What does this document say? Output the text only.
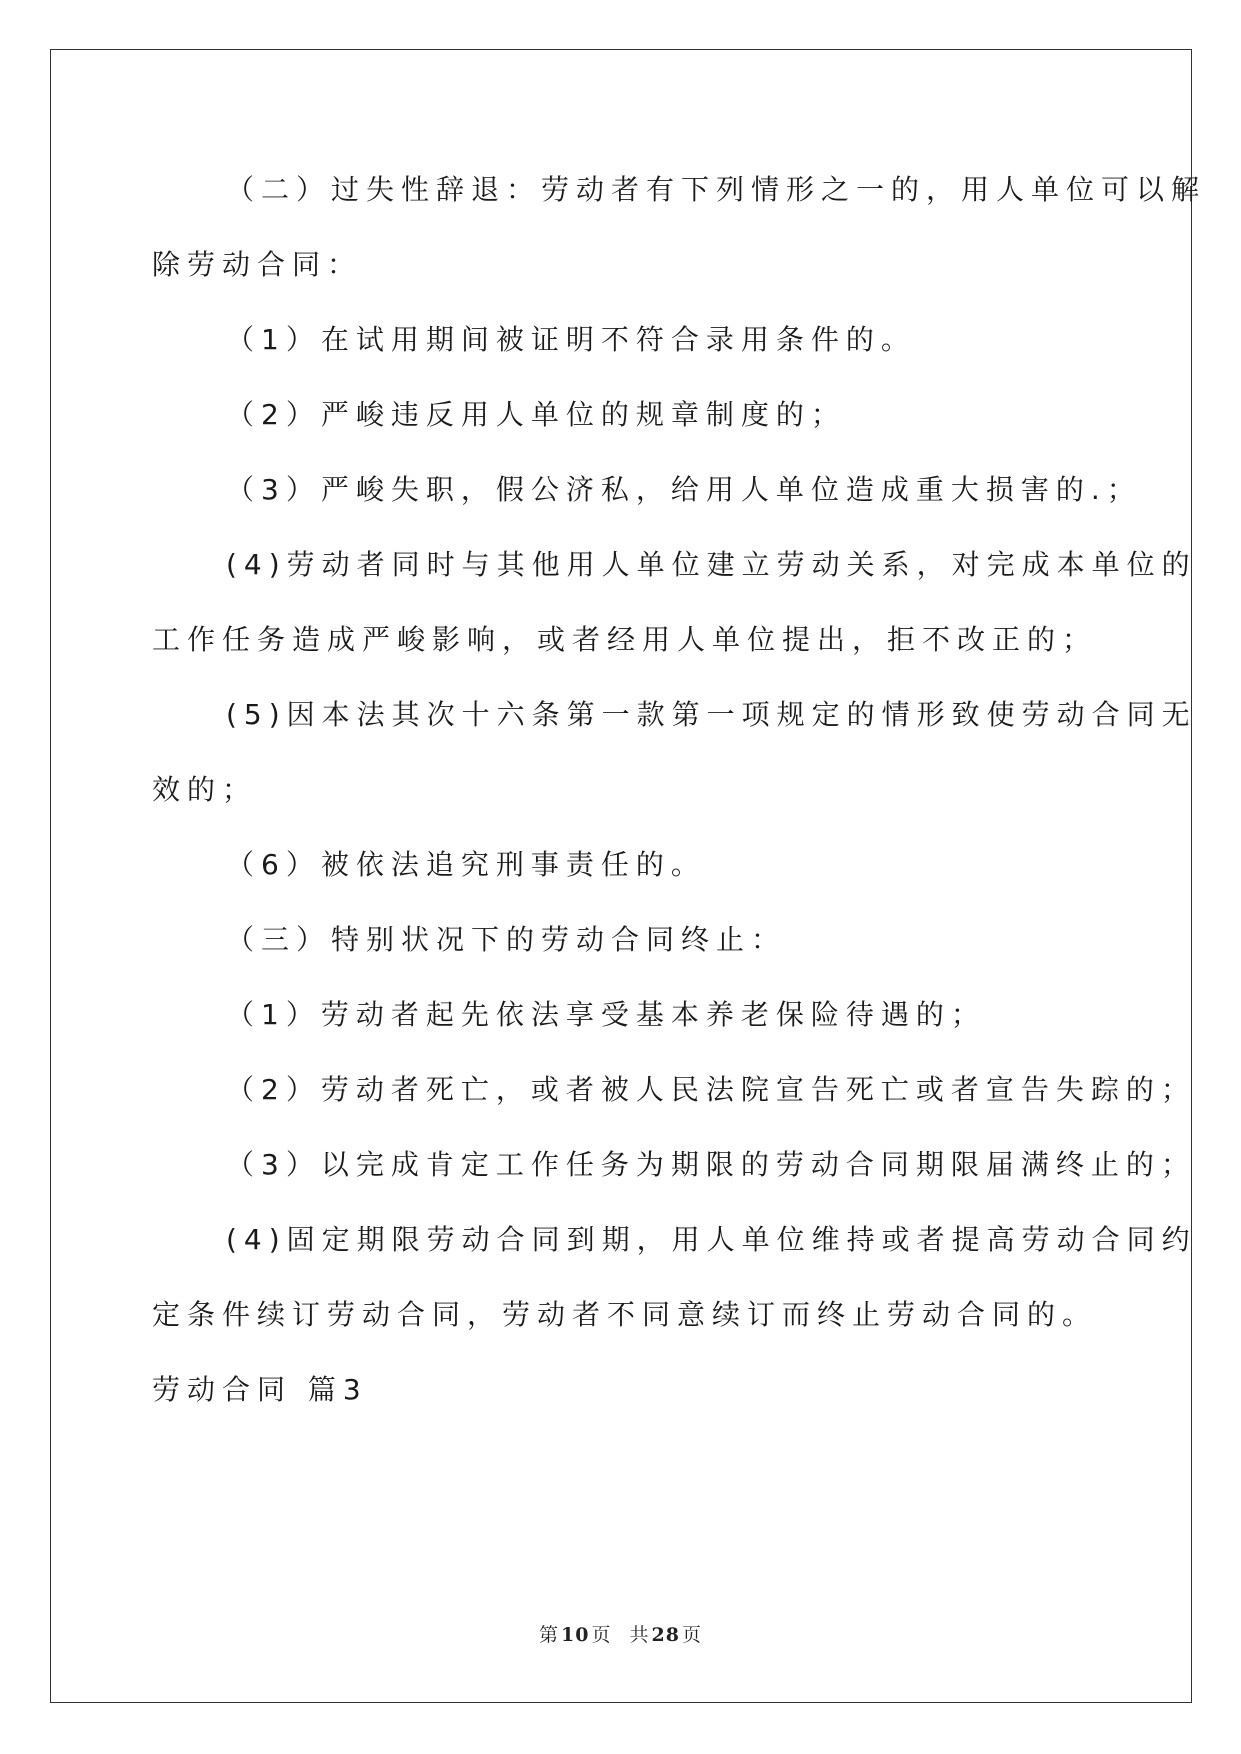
（二）过失性辞退：劳动者有下列情形之一的，用人单位可以解
除劳动合同：
（1）在试用期间被证明不符合录用条件的。
（2）严峻违反用人单位的规章制度的；
（3）严峻失职，假公济私，给用人单位造成重大损害的.；
(4)劳动者同时与其他用人单位建立劳动关系，对完成本单位的
工作任务造成严峻影响，或者经用人单位提出，拒不改正的；
(5)因本法其次十六条第一款第一项规定的情形致使劳动合同无
效的；
（6）被依法追究刑事责任的。
（三）特别状况下的劳动合同终止：
（1）劳动者起先依法享受基本养老保险待遇的；
（2）劳动者死亡，或者被人民法院宣告死亡或者宣告失踪的；
（3）以完成肯定工作任务为期限的劳动合同期限届满终止的；
(4)固定期限劳动合同到期，用人单位维持或者提高劳动合同约
定条件续订劳动合同，劳动者不同意续订而终止劳动合同的。
劳动合同 篇3
第 10 页 共 28 页
